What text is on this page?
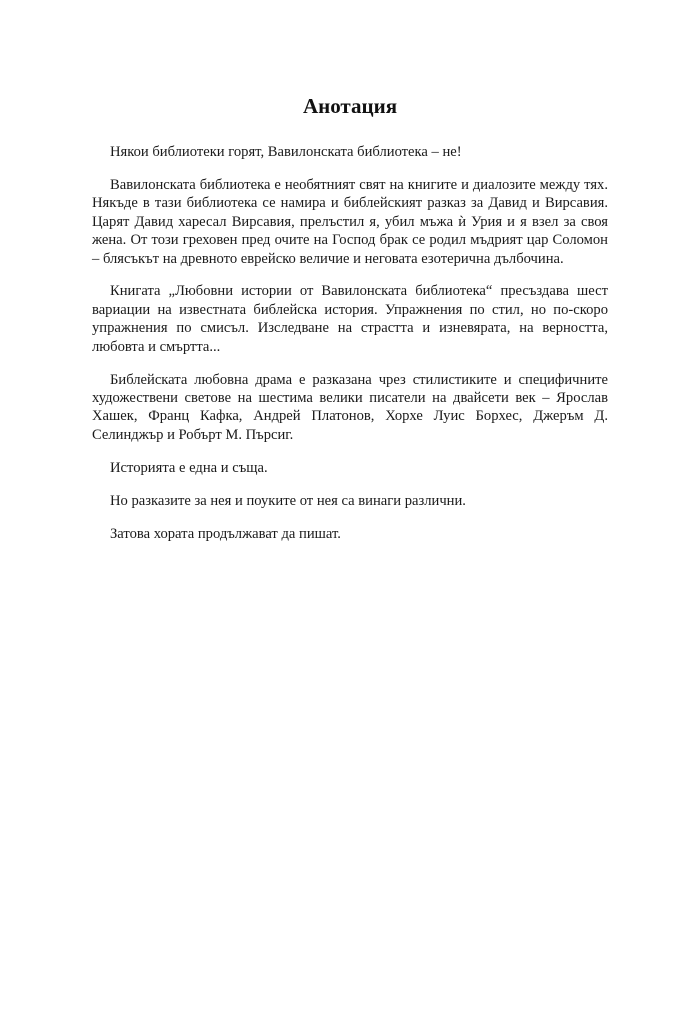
Анотация

Някои библиотеки горят, Вавилонската библиотека – не!

Вавилонската библиотека е необятният свят на книгите и диалозите между тях. Някъде в тази библиотека се намира и библейският разказ за Давид и Вирсавия. Царят Давид харесал Вирсавия, прелъстил я, убил мъжа ѝ Урия и я взел за своя жена. От този греховен пред очите на Господ брак се родил мъдрият цар Соломон – блясъкът на древното еврейско величие и неговата езотерична дълбочина.

Книгата „Любовни истории от Вавилонската библиотека“ пресъздава шест вариации на известната библейска история. Упражнения по стил, но по-скоро упражнения по смисъл. Изследване на страстта и изневярата, на верността, любовта и смъртта...

Библейската любовна драма е разказана чрез стилистиките и специфичните художествени светове на шестима велики писатели на двайсети век – Ярослав Хашек, Франц Кафка, Андрей Платонов, Хорхе Луис Борхес, Джеръм Д. Селинджър и Робърт М. Пърсиг.

Историята е една и съща.

Но разказите за нея и поуките от нея са винаги различни.

Затова хората продължават да пишат.
